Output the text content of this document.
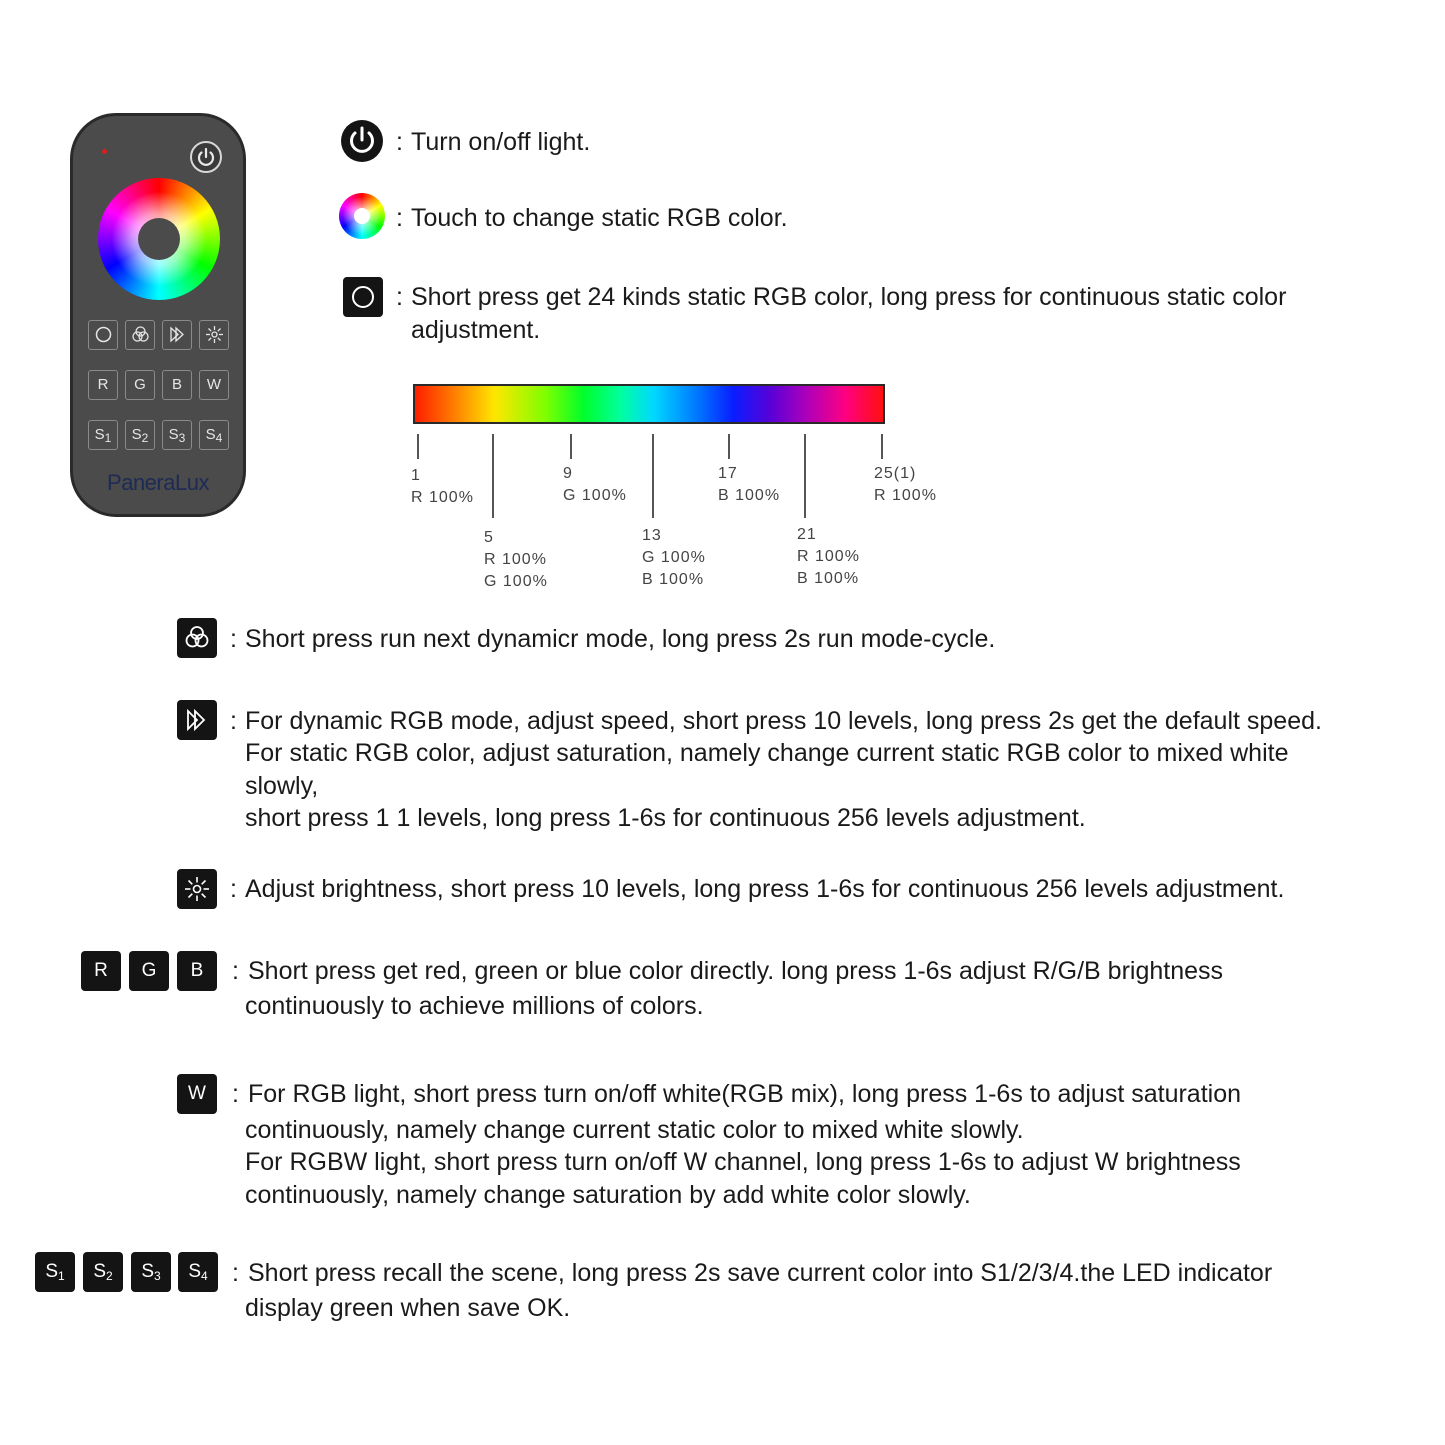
R	G	B	W
$S_1$	$S_2$	$S_3$	$S_4$
PaneraLux
: Turn on/off light.
: Touch to change static RGB color.
: Short press get 24 kinds static RGB color, long press for continuous static color
adjustment.
1
R 100%
5
R 100%
G 100%
9
G 100%
13
G 100%
B 100%
17
B 100%
21
R 100%
B 100%
25(1)
R 100%
: Short press run next dynamicr mode, long press 2s run mode-cycle.
: For dynamic RGB mode, adjust speed, short press 10 levels, long press 2s get the default speed.
For static RGB color, adjust saturation, namely change current static RGB color to mixed white
slowly,
short press 1 1 levels, long press 1-6s for continuous 256 levels adjustment.
: Adjust brightness, short press 10 levels, long press 1-6s for continuous 256 levels adjustment.
R	G	B	: Short press get red, green or blue color directly. long press 1-6s adjust R/G/B brightness
continuously to achieve millions of colors.
W	: For RGB light, short press turn on/off white(RGB mix), long press 1-6s to adjust saturation
continuously, namely change current static color to mixed white slowly.
For RGBW light, short press turn on/off W channel, long press 1-6s to adjust W brightness
continuously, namely change saturation by add white color slowly.
$S_1$	$S_2$	$S_3$	$S_4$ : Short press recall the scene, long press 2s save current color into S1/2/3/4.the LED indicator
display green when save OK.
